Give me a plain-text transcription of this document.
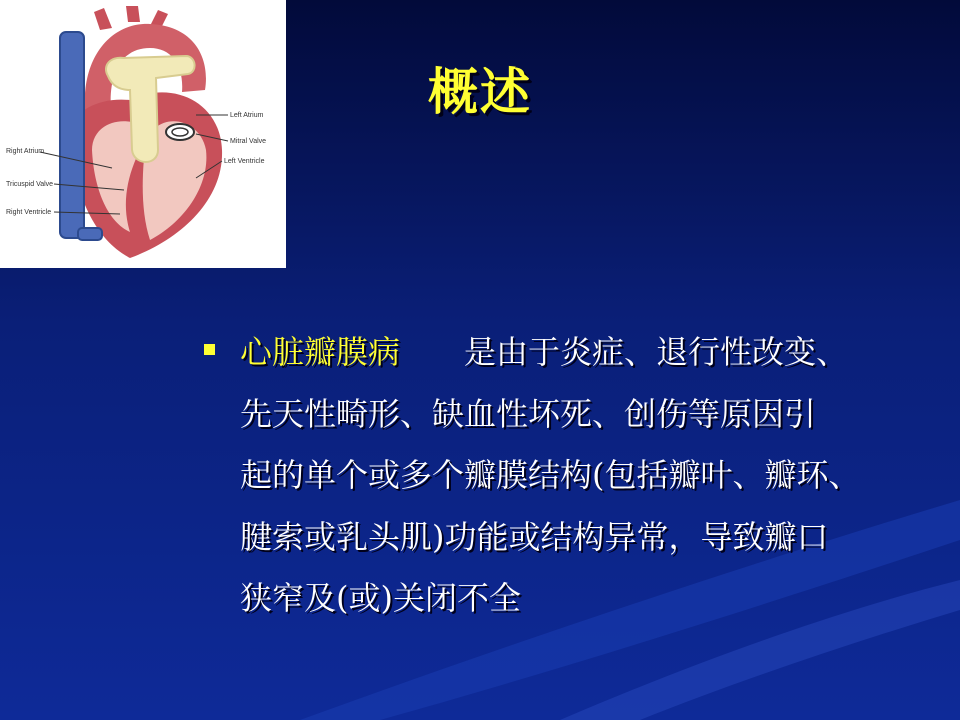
Right Atrium
Tricuspid Valve
Right Ventricle
Left Atrium
Mitral Valve
Left Ventricle
概述
心脏瓣膜病 是由于炎症、退行性改变、
先天性畸形、缺血性坏死、创伤等原因引
起的单个或多个瓣膜结构(包括瓣叶、瓣环、
腱索或乳头肌)功能或结构异常，导致瓣口
狭窄及(或)关闭不全
